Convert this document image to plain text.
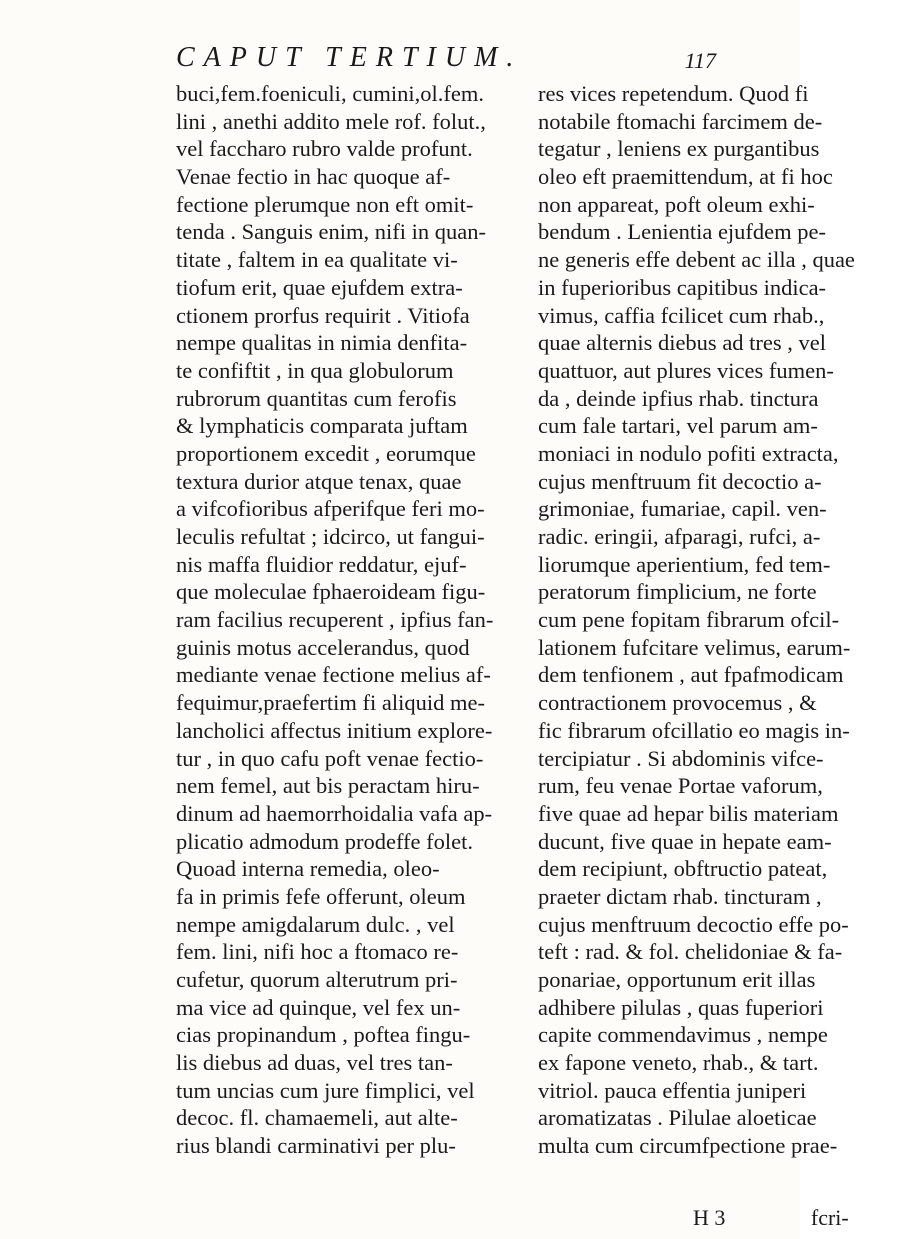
CAPUT TERTIUM.	117
buci,fem.foeniculi, cumini,ol.fem.
lini , anethi addito mele rof. folut.,
vel faccharo rubro valde profunt.
Venae fectio in hac quoque af-
fectione plerumque non eft omit-
tenda . Sanguis enim, nifi in quan-
titate , faltem in ea qualitate vi-
tiofum erit, quae ejufdem extra-
ctionem prorfus requirit . Vitiofa
nempe qualitas in nimia denfita-
te confiftit , in qua globulorum
rubrorum quantitas cum ferofis
& lymphaticis comparata juftam
proportionem excedit , eorumque
textura durior atque tenax, quae
a vifcofioribus afperifque feri mo-
leculis refultat ; idcirco, ut fangui-
nis maffa fluidior reddatur, ejuf-
que moleculae fphaeroideam figu-
ram facilius recuperent , ipfius fan-
guinis motus accelerandus, quod
mediante venae fectione melius af-
fequimur,praefertim fi aliquid me-
lancholici affectus initium explore-
tur , in quo cafu poft venae fectio-
nem femel, aut bis peractam hiru-
dinum ad haemorrhoidalia vafa ap-
plicatio admodum prodeffe folet.
Quoad interna remedia, oleo-
fa in primis fefe offerunt, oleum
nempe amigdalarum dulc. , vel
fem. lini, nifi hoc a ftomaco re-
cufetur, quorum alterutrum pri-
ma vice ad quinque, vel fex un-
cias propinandum , poftea fingu-
lis diebus ad duas, vel tres tan-
tum uncias cum jure fimplici, vel
decoc. fl. chamaemeli, aut alte-
rius blandi carminativi per plu-
res vices repetendum. Quod fi
notabile ftomachi farcimem de-
tegatur , leniens ex purgantibus
oleo eft praemittendum, at fi hoc
non appareat, poft oleum exhi-
bendum . Lenientia ejufdem pe-
ne generis effe debent ac illa , quae
in fuperioribus capitibus indica-
vimus, caffia fcilicet cum rhab.,
quae alternis diebus ad tres , vel
quattuor, aut plures vices fumen-
da , deinde ipfius rhab. tinctura
cum fale tartari, vel parum am-
moniaci in nodulo pofiti extracta,
cujus menftruum fit decoctio a-
grimoniae, fumariae, capil. ven-
radic. eringii, afparagi, rufci, a-
liorumque aperientium, fed tem-
peratorum fimplicium, ne forte
cum pene fopitam fibrarum ofcil-
lationem fufcitare velimus, earum-
dem tenfionem , aut fpafmodicam
contractionem provocemus , &
fic fibrarum ofcillatio eo magis in-
tercipiatur . Si abdominis vifce-
rum, feu venae Portae vaforum,
five quae ad hepar bilis materiam
ducunt, five quae in hepate eam-
dem recipiunt, obftructio pateat,
praeter dictam rhab. tincturam ,
cujus menftruum decoctio effe po-
teft : rad. & fol. chelidoniae & fa-
ponariae, opportunum erit illas
adhibere pilulas , quas fuperiori
capite commendavimus , nempe
ex fapone veneto, rhab., & tart.
vitriol. pauca effentia juniperi
aromatizatas . Pilulae aloeticae
multa cum circumfpectione prae-
H 3	fcri-
